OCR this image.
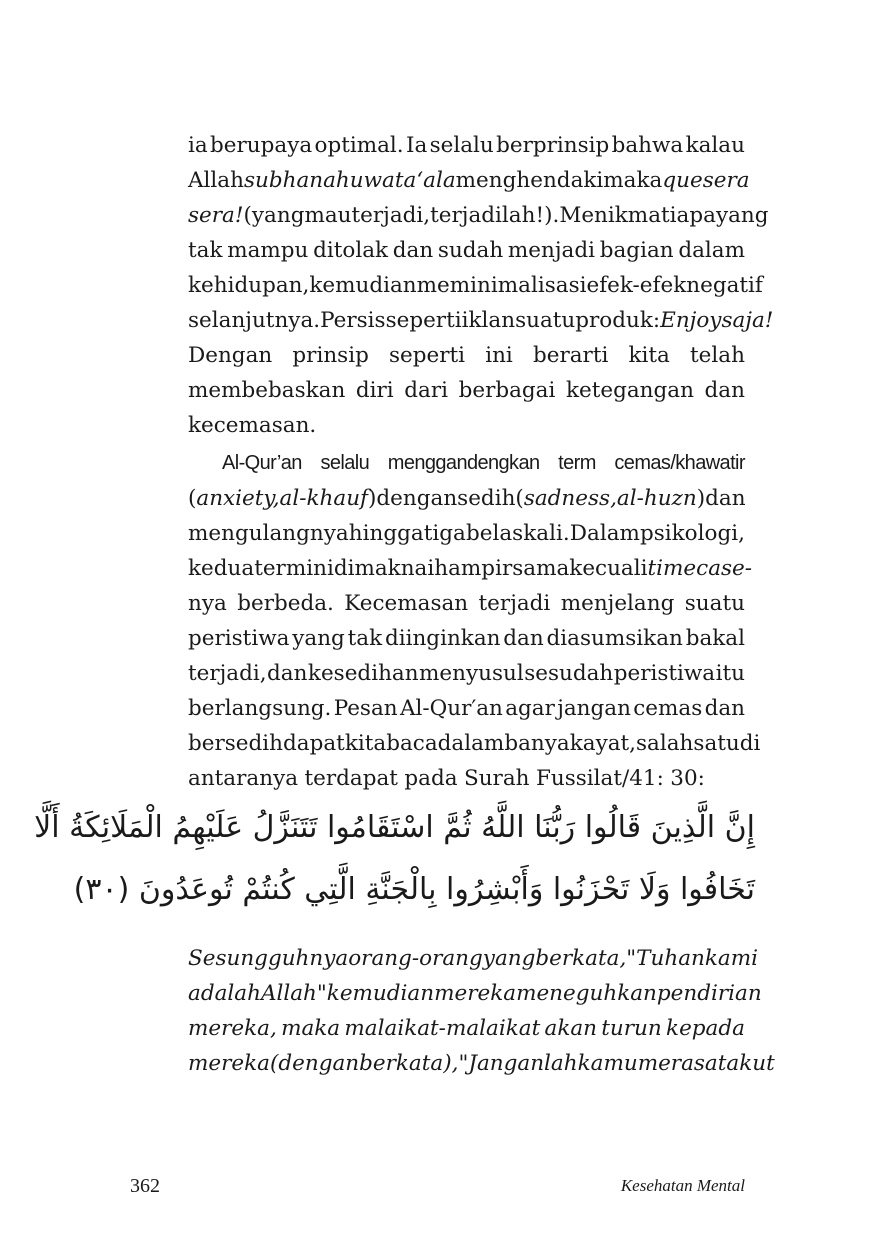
ia berupaya optimal. Ia selalu berprinsip bahwa kalau
Allah subhanahu wa ta‘ala menghendaki maka que sera
sera! (yang mau terjadi, terjadilah!). Menikmati apa yang
tak mampu ditolak dan sudah menjadi bagian dalam
kehidupan, kemudian meminimalisasi efek-efek negatif
selanjutnya. Persis seperti iklan suatu produk: Enjoy saja!
Dengan prinsip seperti ini berarti kita telah
membebaskan diri dari berbagai ketegangan dan
kecemasan.
Al-Qur’an selalu menggandengkan term cemas/khawatir
(anxiety, al-khauf) dengan sedih (sadness, al-huzn) dan
mengulangnya hingga tiga belas kali. Dalam psikologi,
kedua term ini dimaknai hampir sama kecuali time case-
nya berbeda. Kecemasan terjadi menjelang suatu
peristiwa yang tak diinginkan dan diasumsikan bakal
terjadi, dan kesedihan menyusul sesudah peristiwa itu
berlangsung. Pesan Al-Qur′an agar jangan cemas dan
bersedih dapat kita baca dalam banyak ayat, salah satu di
antaranya terdapat pada Surah Fussilat/41: 30:
إِنَّ الَّذِينَ قَالُوا رَبُّنَا اللَّهُ ثُمَّ اسْتَقَامُوا تَتَنَزَّلُ عَلَيْهِمُ الْمَلَائِكَةُ أَلَّا
تَخَافُوا وَلَا تَحْزَنُوا وَأَبْشِرُوا بِالْجَنَّةِ الَّتِي كُنتُمْ تُوعَدُونَ (٣٠)
Sesungguhnya orang-orang yang berkata, "Tuhan kami
adalah Allah" kemudian mereka meneguhkan pendirian
mereka, maka malaikat-malaikat akan turun kepada
mereka (dengan berkata), "Janganlah kamu merasa takut
362	Kesehatan Mental
